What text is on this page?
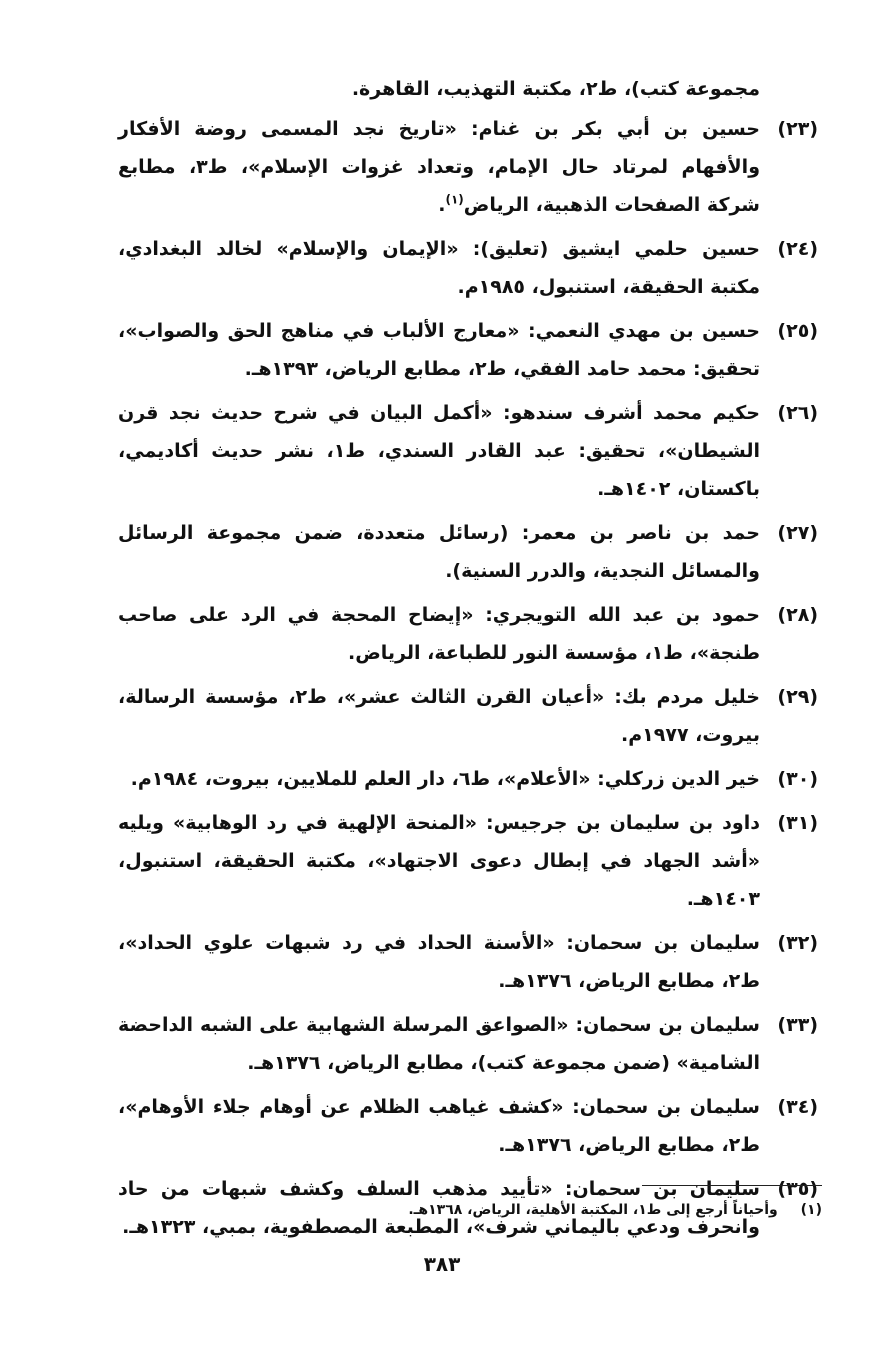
مجموعة كتب)، ط٢، مكتبة التهذيب، القاهرة.
(٢٣)
حسين بن أبي بكر بن غنام: «تاريخ نجد المسمى روضة الأفكار والأفهام لمرتاد حال الإمام، وتعداد غزوات الإسلام»، ط٣، مطابع شركة الصفحات الذهبية، الرياض$^{(١)}$.
(٢٤)
حسين حلمي ايشيق (تعليق): «الإيمان والإسلام» لخالد البغدادي، مكتبة الحقيقة، استنبول، ١٩٨٥م.
(٢٥)
حسين بن مهدي النعمي: «معارج الألباب في مناهج الحق والصواب»، تحقيق: محمد حامد الفقي، ط٢، مطابع الرياض، ١٣٩٣هـ.
(٢٦)
حكيم محمد أشرف سندهو: «أكمل البيان في شرح حديث نجد قرن الشيطان»، تحقيق: عبد القادر السندي، ط١، نشر حديث أكاديمي، باكستان، ١٤٠٢هـ.
(٢٧)
حمد بن ناصر بن معمر: (رسائل متعددة، ضمن مجموعة الرسائل والمسائل النجدية، والدرر السنية).
(٢٨)
حمود بن عبد الله التويجري: «إيضاح المحجة في الرد على صاحب طنجة»، ط١، مؤسسة النور للطباعة، الرياض.
(٢٩)
خليل مردم بك: «أعيان القرن الثالث عشر»، ط٢، مؤسسة الرسالة، بيروت، ١٩٧٧م.
(٣٠)
خير الدين زركلي: «الأعلام»، ط٦، دار العلم للملايين، بيروت، ١٩٨٤م.
(٣١)
داود بن سليمان بن جرجيس: «المنحة الإلهية في رد الوهابية» ويليه «أشد الجهاد في إبطال دعوى الاجتهاد»، مكتبة الحقيقة، استنبول، ١٤٠٣هـ.
(٣٢)
سليمان بن سحمان: «الأسنة الحداد في رد شبهات علوي الحداد»، ط٢، مطابع الرياض، ١٣٧٦هـ.
(٣٣)
سليمان بن سحمان: «الصواعق المرسلة الشهابية على الشبه الداحضة الشامية» (ضمن مجموعة كتب)، مطابع الرياض، ١٣٧٦هـ.
(٣٤)
سليمان بن سحمان: «كشف غياهب الظلام عن أوهام جلاء الأوهام»، ط٢، مطابع الرياض، ١٣٧٦هـ.
(٣٥)
سليمان بن سحمان: «تأييد مذهب السلف وكشف شبهات من حاد وانحرف ودعي باليماني شرف»، المطبعة المصطفوية، بمبي، ١٣٢٣هـ.
(١) وأحياناً أرجع إلى ط١، المكتبة الأهلية، الرياض، ١٣٦٨هـ.
٣٨٣
